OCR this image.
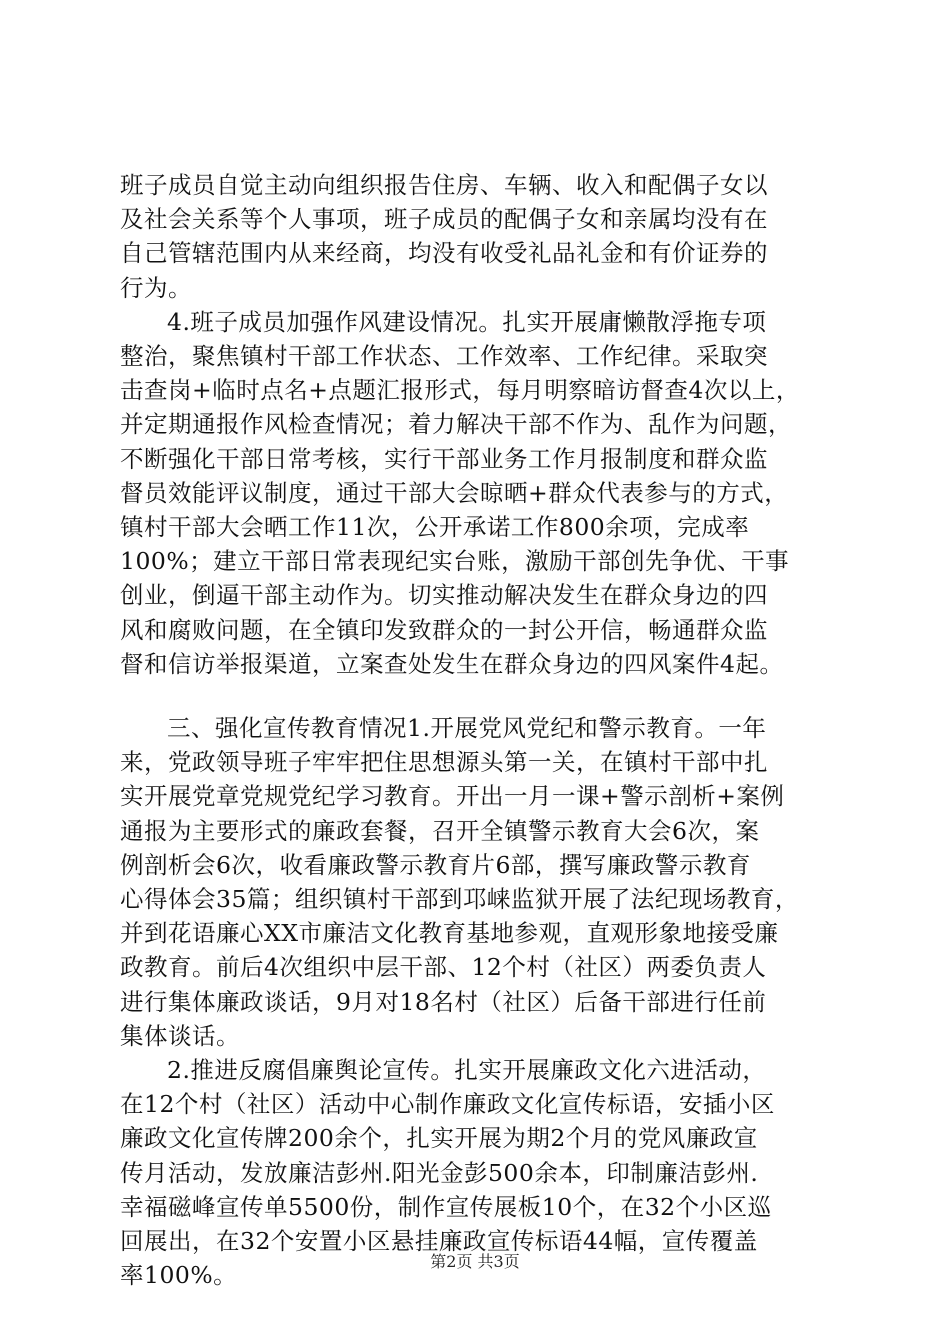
班子成员自觉主动向组织报告住房、车辆、收入和配偶子女以
及社会关系等个人事项，班子成员的配偶子女和亲属均没有在
自己管辖范围内从来经商，均没有收受礼品礼金和有价证券的
行为。
4.班子成员加强作风建设情况。扎实开展庸懒散浮拖专项
整治，聚焦镇村干部工作状态、工作效率、工作纪律。采取突
击查岗+临时点名+点题汇报形式，每月明察暗访督查4次以上，
并定期通报作风检查情况；着力解决干部不作为、乱作为问题，
不断强化干部日常考核，实行干部业务工作月报制度和群众监
督员效能评议制度，通过干部大会晾晒+群众代表参与的方式，
镇村干部大会晒工作11次，公开承诺工作800余项，完成率
100%；建立干部日常表现纪实台账，激励干部创先争优、干事
创业，倒逼干部主动作为。切实推动解决发生在群众身边的四
风和腐败问题，在全镇印发致群众的一封公开信，畅通群众监
督和信访举报渠道，立案查处发生在群众身边的四风案件4起。
三、强化宣传教育情况1.开展党风党纪和警示教育。一年
来，党政领导班子牢牢把住思想源头第一关，在镇村干部中扎
实开展党章党规党纪学习教育。开出一月一课+警示剖析+案例
通报为主要形式的廉政套餐，召开全镇警示教育大会6次，案
例剖析会6次，收看廉政警示教育片6部，撰写廉政警示教育
心得体会35篇；组织镇村干部到邛崃监狱开展了法纪现场教育，
并到花语廉心XX市廉洁文化教育基地参观，直观形象地接受廉
政教育。前后4次组织中层干部、12个村（社区）两委负责人
进行集体廉政谈话，9月对18名村（社区）后备干部进行任前
集体谈话。
2.推进反腐倡廉舆论宣传。扎实开展廉政文化六进活动，
在12个村（社区）活动中心制作廉政文化宣传标语，安插小区
廉政文化宣传牌200余个，扎实开展为期2个月的党风廉政宣
传月活动，发放廉洁彭州.阳光金彭500余本，印制廉洁彭州.
幸福磁峰宣传单5500份，制作宣传展板10个，在32个小区巡
回展出，在32个安置小区悬挂廉政宣传标语44幅，宣传覆盖
率100%。	第2页 共3页
